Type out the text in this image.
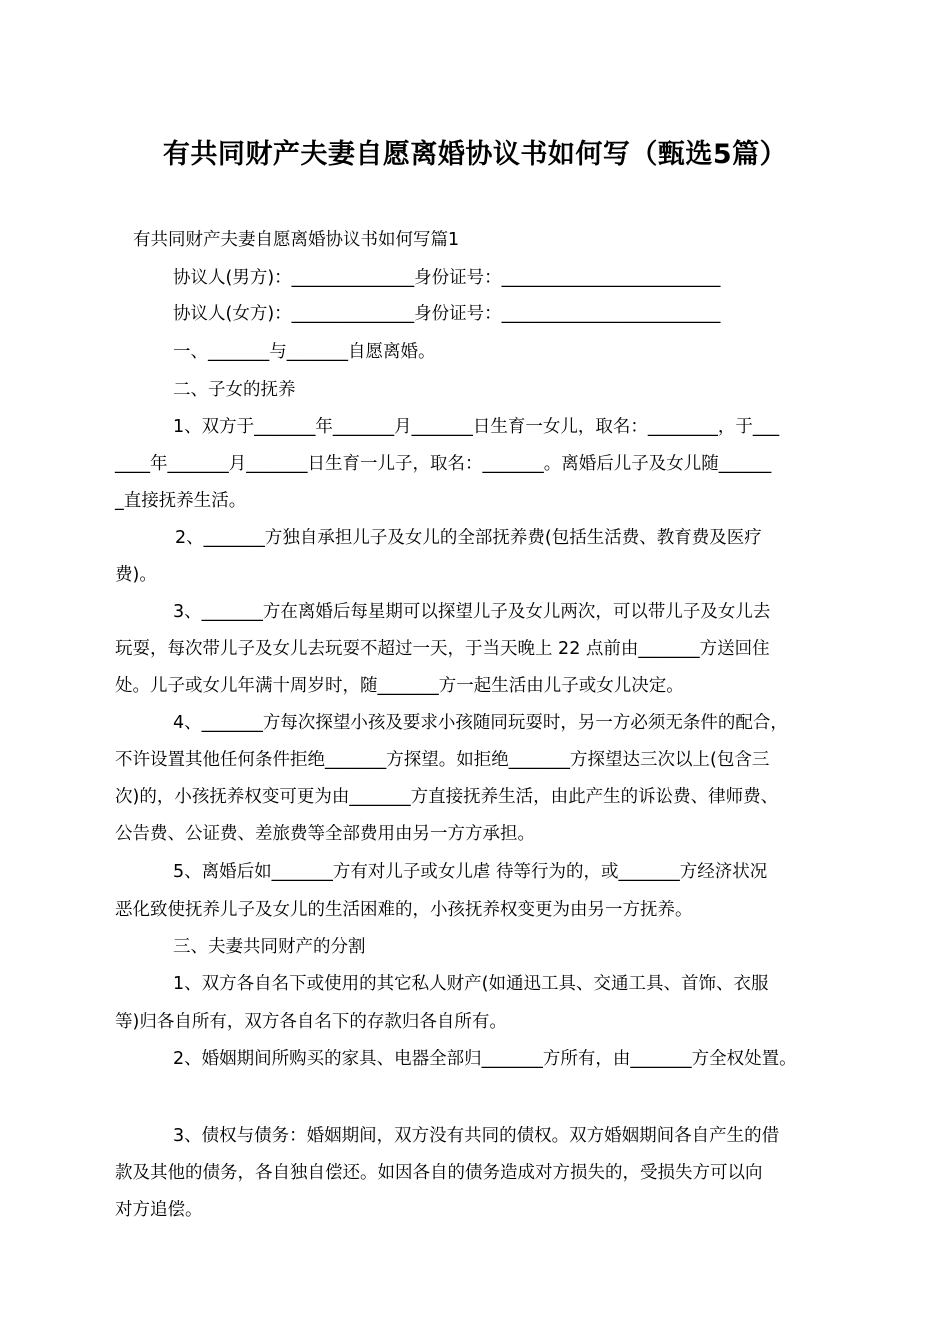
有共同财产夫妻自愿离婚协议书如何写（甄选5篇）
有共同财产夫妻自愿离婚协议书如何写篇1
协议人(男方)：______________身份证号：_________________________
协议人(女方)：______________身份证号：_________________________
一、_______与_______自愿离婚。
二、子女的抚养
1、双方于_______年_______月_______日生育一女儿，取名：________，于___
____年_______月_______日生育一儿子，取名：_______。离婚后儿子及女儿随______
_直接抚养生活。
2、_______方独自承担儿子及女儿的全部抚养费(包括生活费、教育费及医疗
费)。
3、_______方在离婚后每星期可以探望儿子及女儿两次，可以带儿子及女儿去
玩耍，每次带儿子及女儿去玩耍不超过一天，于当天晚上 22 点前由_______方送回住
处。儿子或女儿年满十周岁时，随_______方一起生活由儿子或女儿决定。
4、_______方每次探望小孩及要求小孩随同玩耍时，另一方必须无条件的配合，
不许设置其他任何条件拒绝_______方探望。如拒绝_______方探望达三次以上(包含三
次)的，小孩抚养权变可更为由_______方直接抚养生活，由此产生的诉讼费、律师费、
公告费、公证费、差旅费等全部费用由另一方方承担。
5、离婚后如_______方有对儿子或女儿虐 待等行为的，或_______方经济状况
恶化致使抚养儿子及女儿的生活困难的，小孩抚养权变更为由另一方抚养。
三、夫妻共同财产的分割
1、双方各自名下或使用的其它私人财产(如通迅工具、交通工具、首饰、衣服
等)归各自所有，双方各自名下的存款归各自所有。
2、婚姻期间所购买的家具、电器全部归_______方所有，由_______方全权处置。
3、债权与债务：婚姻期间，双方没有共同的债权。双方婚姻期间各自产生的借
款及其他的债务，各自独自偿还。如因各自的债务造成对方损失的，受损失方可以向
对方追偿。
